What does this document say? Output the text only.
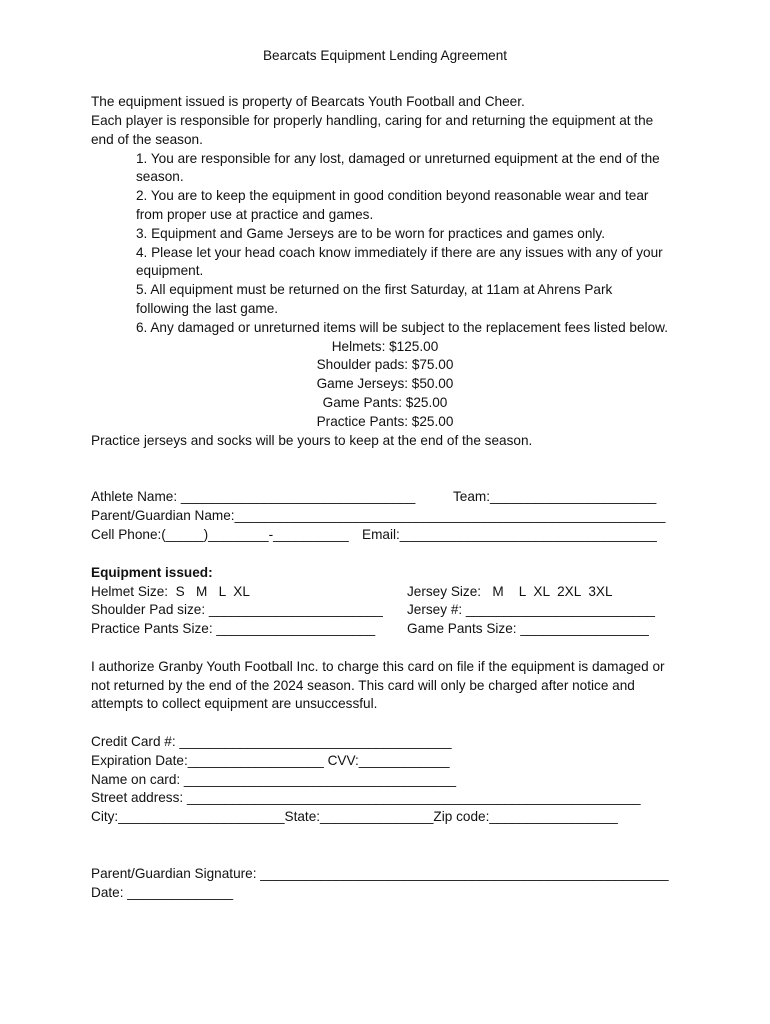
Bearcats Equipment Lending Agreement
The equipment issued is property of Bearcats Youth Football and Cheer.
Each player is responsible for properly handling, caring for and returning the equipment at the
end of the season.
1. You are responsible for any lost, damaged or unreturned equipment at the end of the
season.
2. You are to keep the equipment in good condition beyond reasonable wear and tear
from proper use at practice and games.
3. Equipment and Game Jerseys are to be worn for practices and games only.
4. Please let your head coach know immediately if there are any issues with any of your
equipment.
5. All equipment must be returned on the first Saturday, at 11am at Ahrens Park
following the last game.
6. Any damaged or unreturned items will be subject to the replacement fees listed below.
Helmets: $125.00
Shoulder pads: $75.00
Game Jerseys: $50.00
Game Pants: $25.00
Practice Pants: $25.00
Practice jerseys and socks will be yours to keep at the end of the season.
Athlete Name: _______________________________	Team:______________________
Parent/Guardian Name:_________________________________________________________
Cell Phone:(_____)________-__________ Email:__________________________________
Equipment issued:
Helmet Size:  S   M   L  XL	Jersey Size:   M    L  XL  2XL  3XL
Shoulder Pad size: _______________________ Jersey #: _________________________
Practice Pants Size: _____________________ Game Pants Size: _________________
I authorize Granby Youth Football Inc. to charge this card on file if the equipment is damaged or
not returned by the end of the 2024 season. This card will only be charged after notice and
attempts to collect equipment are unsuccessful.
Credit Card #: ____________________________________
Expiration Date:__________________ CVV:____________
Name on card: ____________________________________
Street address: ____________________________________________________________
City:______________________State:_______________Zip code:_________________
Parent/Guardian Signature: ______________________________________________________
Date: ______________
